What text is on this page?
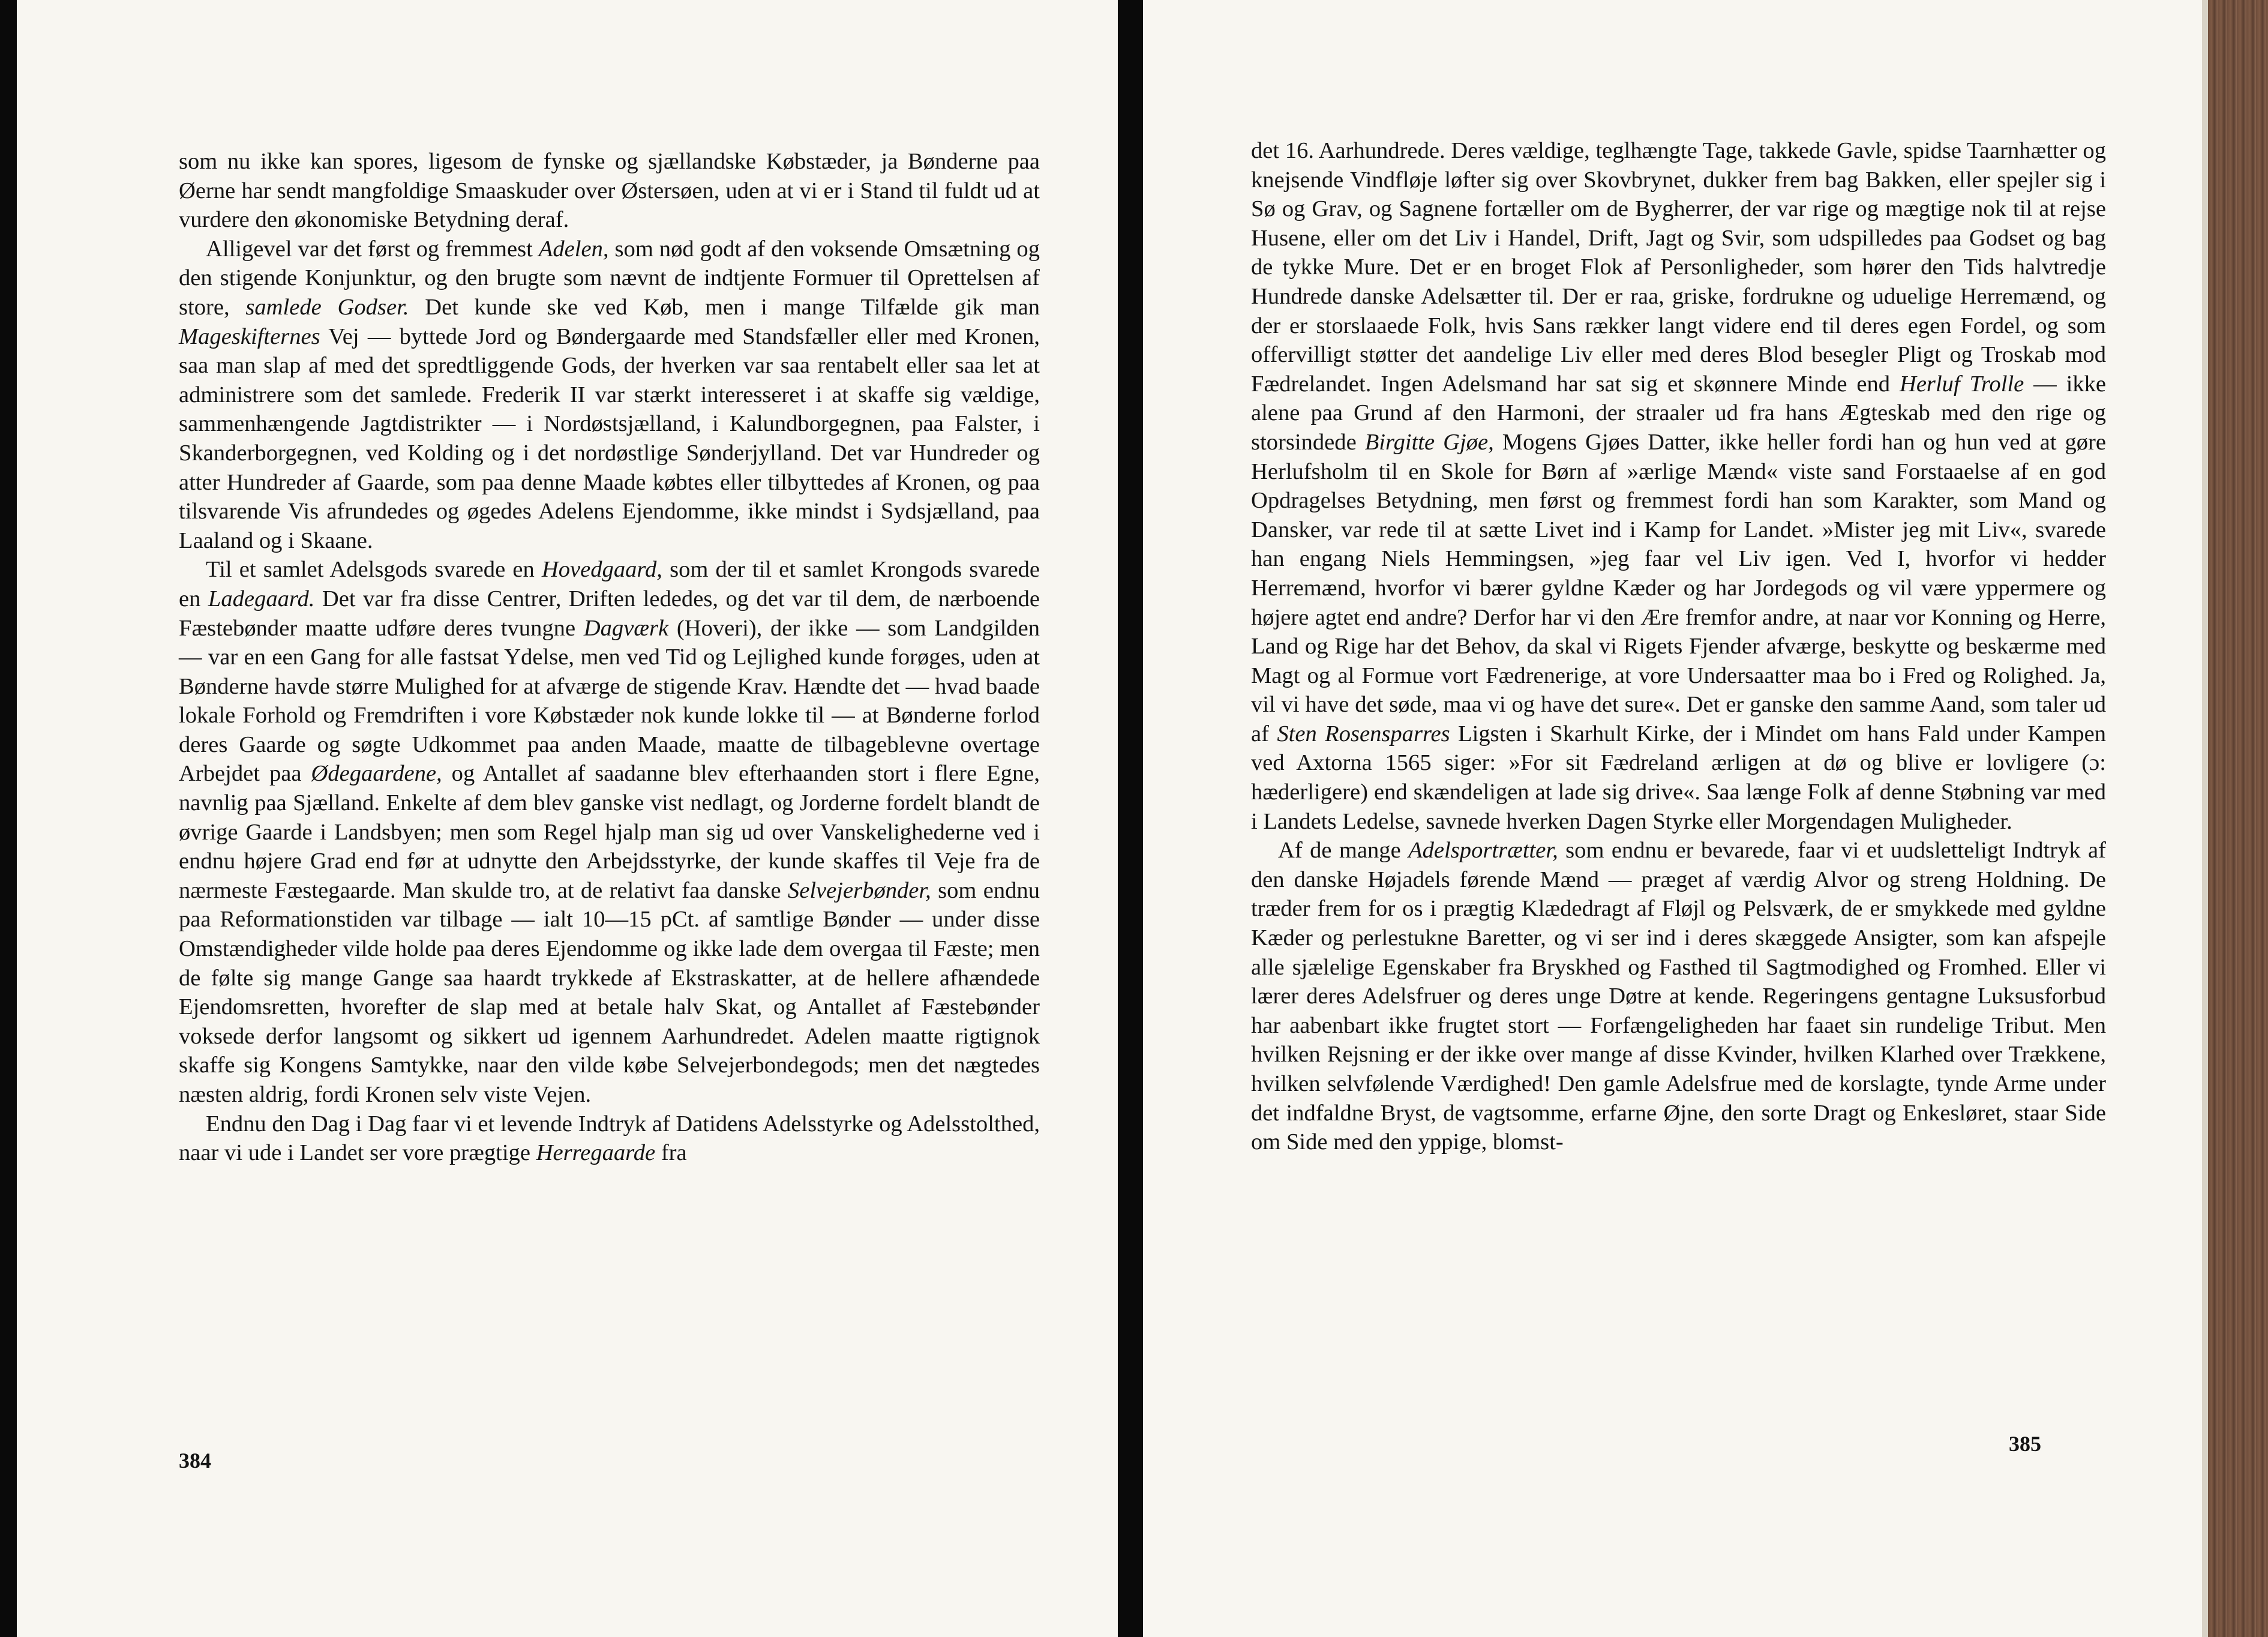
som nu ikke kan spores, ligesom de fynske og sjællandske Købstæder, ja Bønderne paa Øerne har sendt mangfoldige Smaaskuder over Østersøen, uden at vi er i Stand til fuldt ud at vurdere den økonomiske Betydning deraf.

Alligevel var det først og fremmest Adelen, som nød godt af den voksende Omsætning og den stigende Konjunktur, og den brugte som nævnt de indtjente Formuer til Oprettelsen af store, samlede Godser. Det kunde ske ved Køb, men i mange Tilfælde gik man Mageskifternes Vej — byttede Jord og Bøndergaarde med Standsfæller eller med Kronen, saa man slap af med det spredtliggende Gods, der hverken var saa rentabelt eller saa let at administrere som det samlede. Frederik II var stærkt interesseret i at skaffe sig vældige, sammenhængende Jagtdistrikter — i Nordøstsjælland, i Kalundborgegnen, paa Falster, i Skanderborgegnen, ved Kolding og i det nordøstlige Sønderjylland. Det var Hundreder og atter Hundreder af Gaarde, som paa denne Maade købtes eller tilbyttedes af Kronen, og paa tilsvarende Vis afrundedes og øgedes Adelens Ejendomme, ikke mindst i Sydsjælland, paa Laaland og i Skaane.

Til et samlet Adelsgods svarede en Hovedgaard, som der til et samlet Krongods svarede en Ladegaard. Det var fra disse Centrer, Driften lededes, og det var til dem, de nærboende Fæstebønder maatte udføre deres tvungne Dagværk (Hoveri), der ikke — som Landgilden — var en een Gang for alle fastsat Ydelse, men ved Tid og Lejlighed kunde forøges, uden at Bønderne havde større Mulighed for at afværge de stigende Krav. Hændte det — hvad baade lokale Forhold og Fremdriften i vore Købstæder nok kunde lokke til — at Bønderne forlod deres Gaarde og søgte Udkommet paa anden Maade, maatte de tilbageblevne overtage Arbejdet paa Ødegaardene, og Antallet af saadanne blev efterhaanden stort i flere Egne, navnlig paa Sjælland. Enkelte af dem blev ganske vist nedlagt, og Jorderne fordelt blandt de øvrige Gaarde i Landsbyen; men som Regel hjalp man sig ud over Vanskelighederne ved i endnu højere Grad end før at udnytte den Arbejdsstyrke, der kunde skaffes til Veje fra de nærmeste Fæstegaarde. Man skulde tro, at de relativt faa danske Selvejerbønder, som endnu paa Reformationstiden var tilbage — ialt 10—15 pCt. af samtlige Bønder — under disse Omstændigheder vilde holde paa deres Ejendomme og ikke lade dem overgaa til Fæste; men de følte sig mange Gange saa haardt trykkede af Ekstraskatter, at de hellere afhændede Ejendomsretten, hvorefter de slap med at betale halv Skat, og Antallet af Fæstebønder voksede derfor langsomt og sikkert ud igennem Aarhundredet. Adelen maatte rigtignok skaffe sig Kongens Samtykke, naar den vilde købe Selvejerbondegods; men det nægtedes næsten aldrig, fordi Kronen selv viste Vejen.

Endnu den Dag i Dag faar vi et levende Indtryk af Datidens Adelsstyrke og Adelsstolthed, naar vi ude i Landet ser vore prægtige Herregaarde fra

384

det 16. Aarhundrede. Deres vældige, teglhængte Tage, takkede Gavle, spidse Taarnhætter og knejsende Vindfløje løfter sig over Skovbrynet, dukker frem bag Bakken, eller spejler sig i Sø og Grav, og Sagnene fortæller om de Bygherrer, der var rige og mægtige nok til at rejse Husene, eller om det Liv i Handel, Drift, Jagt og Svir, som udspilledes paa Godset og bag de tykke Mure. Det er en broget Flok af Personligheder, som hører den Tids halvtredje Hundrede danske Adelsætter til. Der er raa, griske, fordrukne og uduelige Herremænd, og der er storslaaede Folk, hvis Sans rækker langt videre end til deres egen Fordel, og som offervilligt støtter det aandelige Liv eller med deres Blod besegler Pligt og Troskab mod Fædrelandet. Ingen Adelsmand har sat sig et skønnere Minde end Herluf Trolle — ikke alene paa Grund af den Harmoni, der straaler ud fra hans Ægteskab med den rige og storsindede Birgitte Gjøe, Mogens Gjøes Datter, ikke heller fordi han og hun ved at gøre Herlufsholm til en Skole for Børn af »ærlige Mænd« viste sand Forstaaelse af en god Opdragelses Betydning, men først og fremmest fordi han som Karakter, som Mand og Dansker, var rede til at sætte Livet ind i Kamp for Landet. »Mister jeg mit Liv«, svarede han engang Niels Hemmingsen, »jeg faar vel Liv igen. Ved I, hvorfor vi hedder Herremænd, hvorfor vi bærer gyldne Kæder og har Jordegods og vil være yppermere og højere agtet end andre? Derfor har vi den Ære fremfor andre, at naar vor Konning og Herre, Land og Rige har det Behov, da skal vi Rigets Fjender afværge, beskytte og beskærme med Magt og al Formue vort Fædrenerige, at vore Undersaatter maa bo i Fred og Rolighed. Ja, vil vi have det søde, maa vi og have det sure«. Det er ganske den samme Aand, som taler ud af Sten Rosensparres Ligsten i Skarhult Kirke, der i Mindet om hans Fald under Kampen ved Axtorna 1565 siger: »For sit Fædreland ærligen at dø og blive er lovligere (ɔ: hæderligere) end skændeligen at lade sig drive«. Saa længe Folk af denne Støbning var med i Landets Ledelse, savnede hverken Dagen Styrke eller Morgendagen Muligheder.

Af de mange Adelsportrætter, som endnu er bevarede, faar vi et uudsletteligt Indtryk af den danske Højadels førende Mænd — præget af værdig Alvor og streng Holdning. De træder frem for os i prægtig Klædedragt af Fløjl og Pelsværk, de er smykkede med gyldne Kæder og perlestukne Baretter, og vi ser ind i deres skæggede Ansigter, som kan afspejle alle sjælelige Egenskaber fra Bryskhed og Fasthed til Sagtmodighed og Fromhed. Eller vi lærer deres Adelsfruer og deres unge Døtre at kende. Regeringens gentagne Luksusforbud har aabenbart ikke frugtet stort — Forfængeligheden har faaet sin rundelige Tribut. Men hvilken Rejsning er der ikke over mange af disse Kvinder, hvilken Klarhed over Trækkene, hvilken selvfølende Værdighed! Den gamle Adelsfrue med de korslagte, tynde Arme under det indfaldne Bryst, de vagtsomme, erfarne Øjne, den sorte Dragt og Enkesløret, staar Side om Side med den yppige, blomst-

385
